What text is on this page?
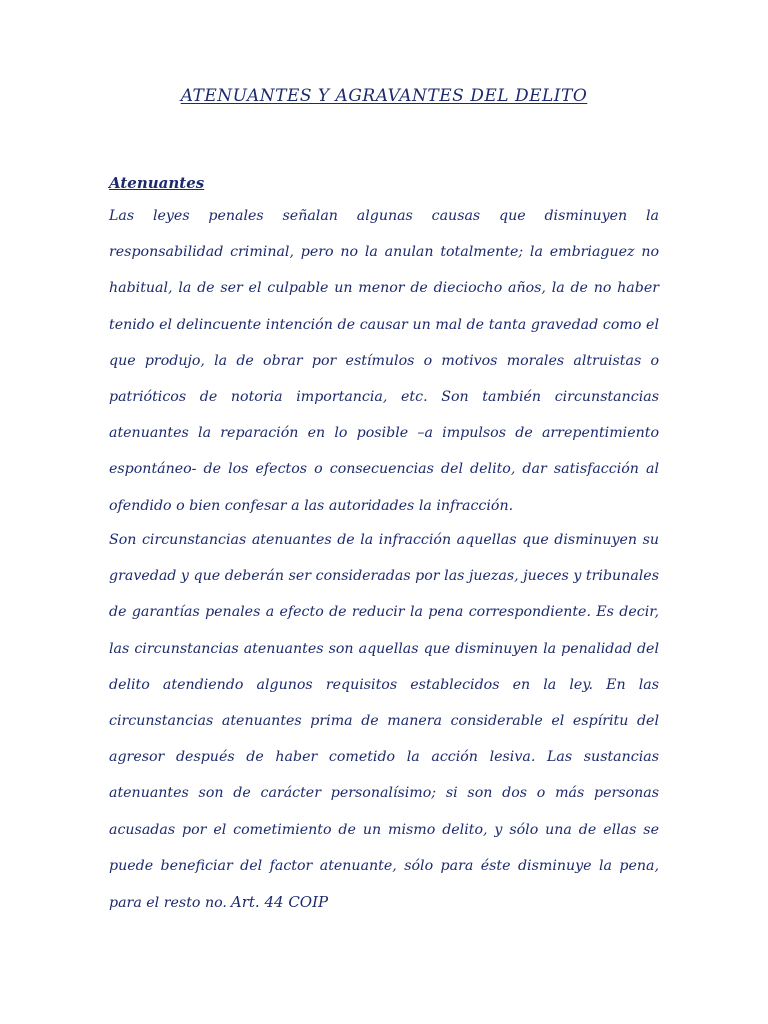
ATENUANTES Y AGRAVANTES DEL DELITO
Atenuantes

Las leyes penales señalan algunas causas que disminuyen la responsabilidad criminal, pero no la anulan totalmente; la embriaguez no habitual, la de ser el culpable un menor de dieciocho años, la de no haber tenido el delincuente intención de causar un mal de tanta gravedad como el que produjo, la de obrar por estímulos o motivos morales altruistas o patrióticos de notoria importancia, etc. Son también circunstancias atenuantes la reparación en lo posible –a impulsos de arrepentimiento espontáneo- de los efectos o consecuencias del delito, dar satisfacción al ofendido o bien confesar a las autoridades la infracción.

Son circunstancias atenuantes de la infracción aquellas que disminuyen su gravedad y que deberán ser consideradas por las juezas, jueces y tribunales de garantías penales a efecto de reducir la pena correspondiente. Es decir, las circunstancias atenuantes son aquellas que disminuyen la penalidad del delito atendiendo algunos requisitos establecidos en la ley. En las circunstancias atenuantes prima de manera considerable el espíritu del agresor después de haber cometido la acción lesiva. Las sustancias atenuantes son de carácter personalísimo; si son dos o más personas acusadas por el cometimiento de un mismo delito, y sólo una de ellas se puede beneficiar del factor atenuante, sólo para éste disminuye la pena, para el resto no. Art. 44 COIP
